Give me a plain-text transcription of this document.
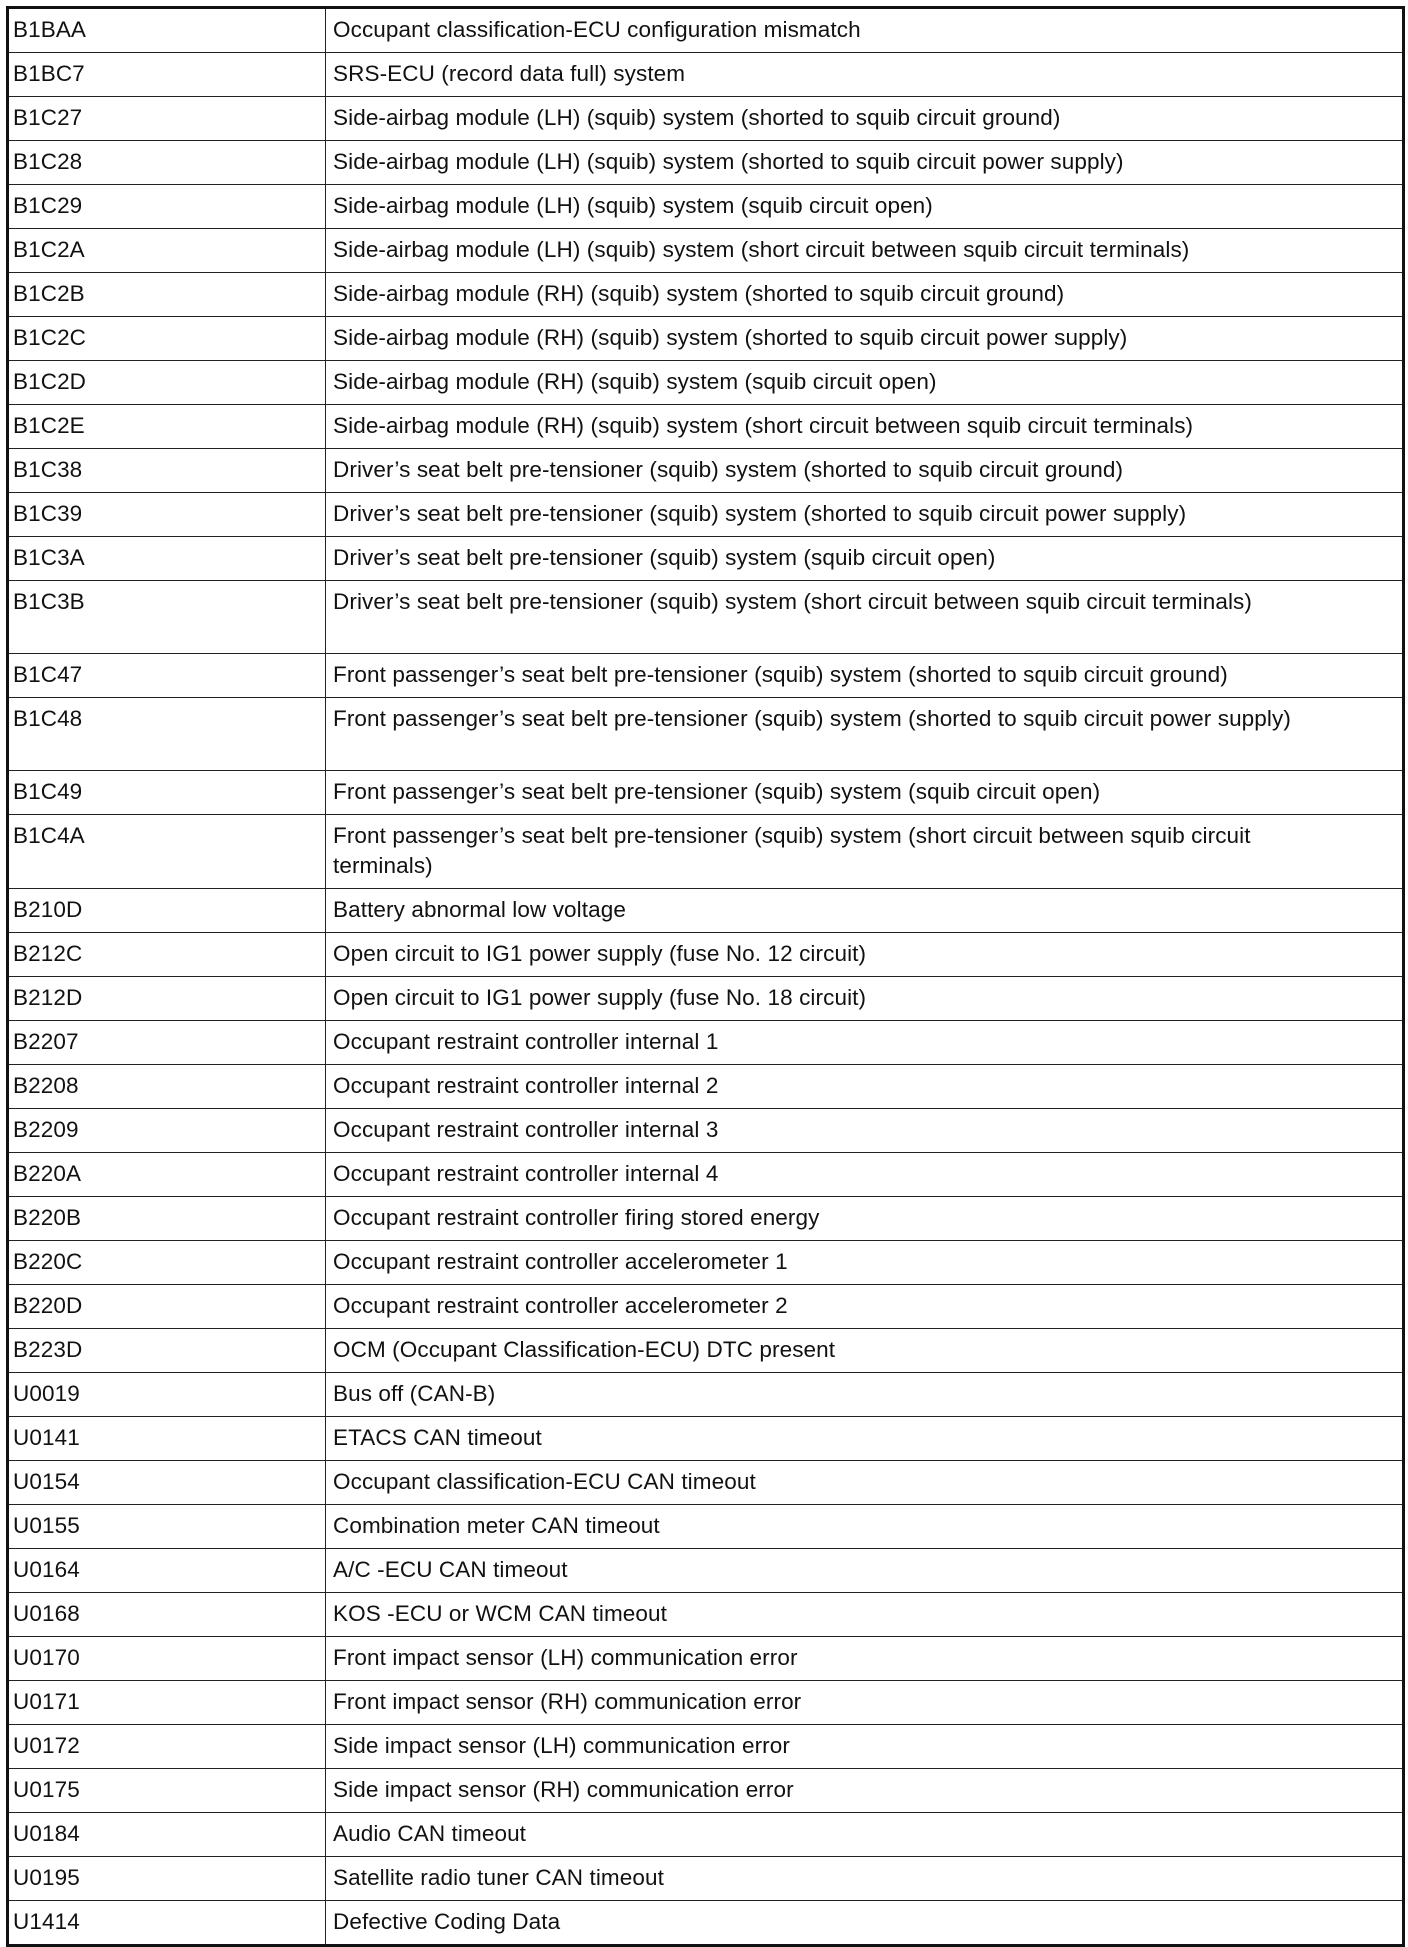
B1BAA	Occupant classification-ECU configuration mismatch
B1BC7	SRS-ECU (record data full) system
B1C27	Side-airbag module (LH) (squib) system (shorted to squib circuit ground)
B1C28	Side-airbag module (LH) (squib) system (shorted to squib circuit power supply)
B1C29	Side-airbag module (LH) (squib) system (squib circuit open)
B1C2A	Side-airbag module (LH) (squib) system (short circuit between squib circuit terminals)
B1C2B	Side-airbag module (RH) (squib) system (shorted to squib circuit ground)
B1C2C	Side-airbag module (RH) (squib) system (shorted to squib circuit power supply)
B1C2D	Side-airbag module (RH) (squib) system (squib circuit open)
B1C2E	Side-airbag module (RH) (squib) system (short circuit between squib circuit terminals)
B1C38	Driver’s seat belt pre-tensioner (squib) system (shorted to squib circuit ground)
B1C39	Driver’s seat belt pre-tensioner (squib) system (shorted to squib circuit power supply)
B1C3A	Driver’s seat belt pre-tensioner (squib) system (squib circuit open)
B1C3B	Driver’s seat belt pre-tensioner (squib) system (short circuit between squib circuit terminals)
B1C47	Front passenger’s seat belt pre-tensioner (squib) system (shorted to squib circuit ground)
B1C48	Front passenger’s seat belt pre-tensioner (squib) system (shorted to squib circuit power supply)
B1C49	Front passenger’s seat belt pre-tensioner (squib) system (squib circuit open)
B1C4A	Front passenger’s seat belt pre-tensioner (squib) system (short circuit between squib circuit terminals)
B210D	Battery abnormal low voltage
B212C	Open circuit to IG1 power supply (fuse No. 12 circuit)
B212D	Open circuit to IG1 power supply (fuse No. 18 circuit)
B2207	Occupant restraint controller internal 1
B2208	Occupant restraint controller internal 2
B2209	Occupant restraint controller internal 3
B220A	Occupant restraint controller internal 4
B220B	Occupant restraint controller firing stored energy
B220C	Occupant restraint controller accelerometer 1
B220D	Occupant restraint controller accelerometer 2
B223D	OCM (Occupant Classification-ECU) DTC present
U0019	Bus off (CAN-B)
U0141	ETACS CAN timeout
U0154	Occupant classification-ECU CAN timeout
U0155	Combination meter CAN timeout
U0164	A/C -ECU CAN timeout
U0168	KOS -ECU or WCM CAN timeout
U0170	Front impact sensor (LH) communication error
U0171	Front impact sensor (RH) communication error
U0172	Side impact sensor (LH) communication error
U0175	Side impact sensor (RH) communication error
U0184	Audio CAN timeout
U0195	Satellite radio tuner CAN timeout
U1414	Defective Coding Data
